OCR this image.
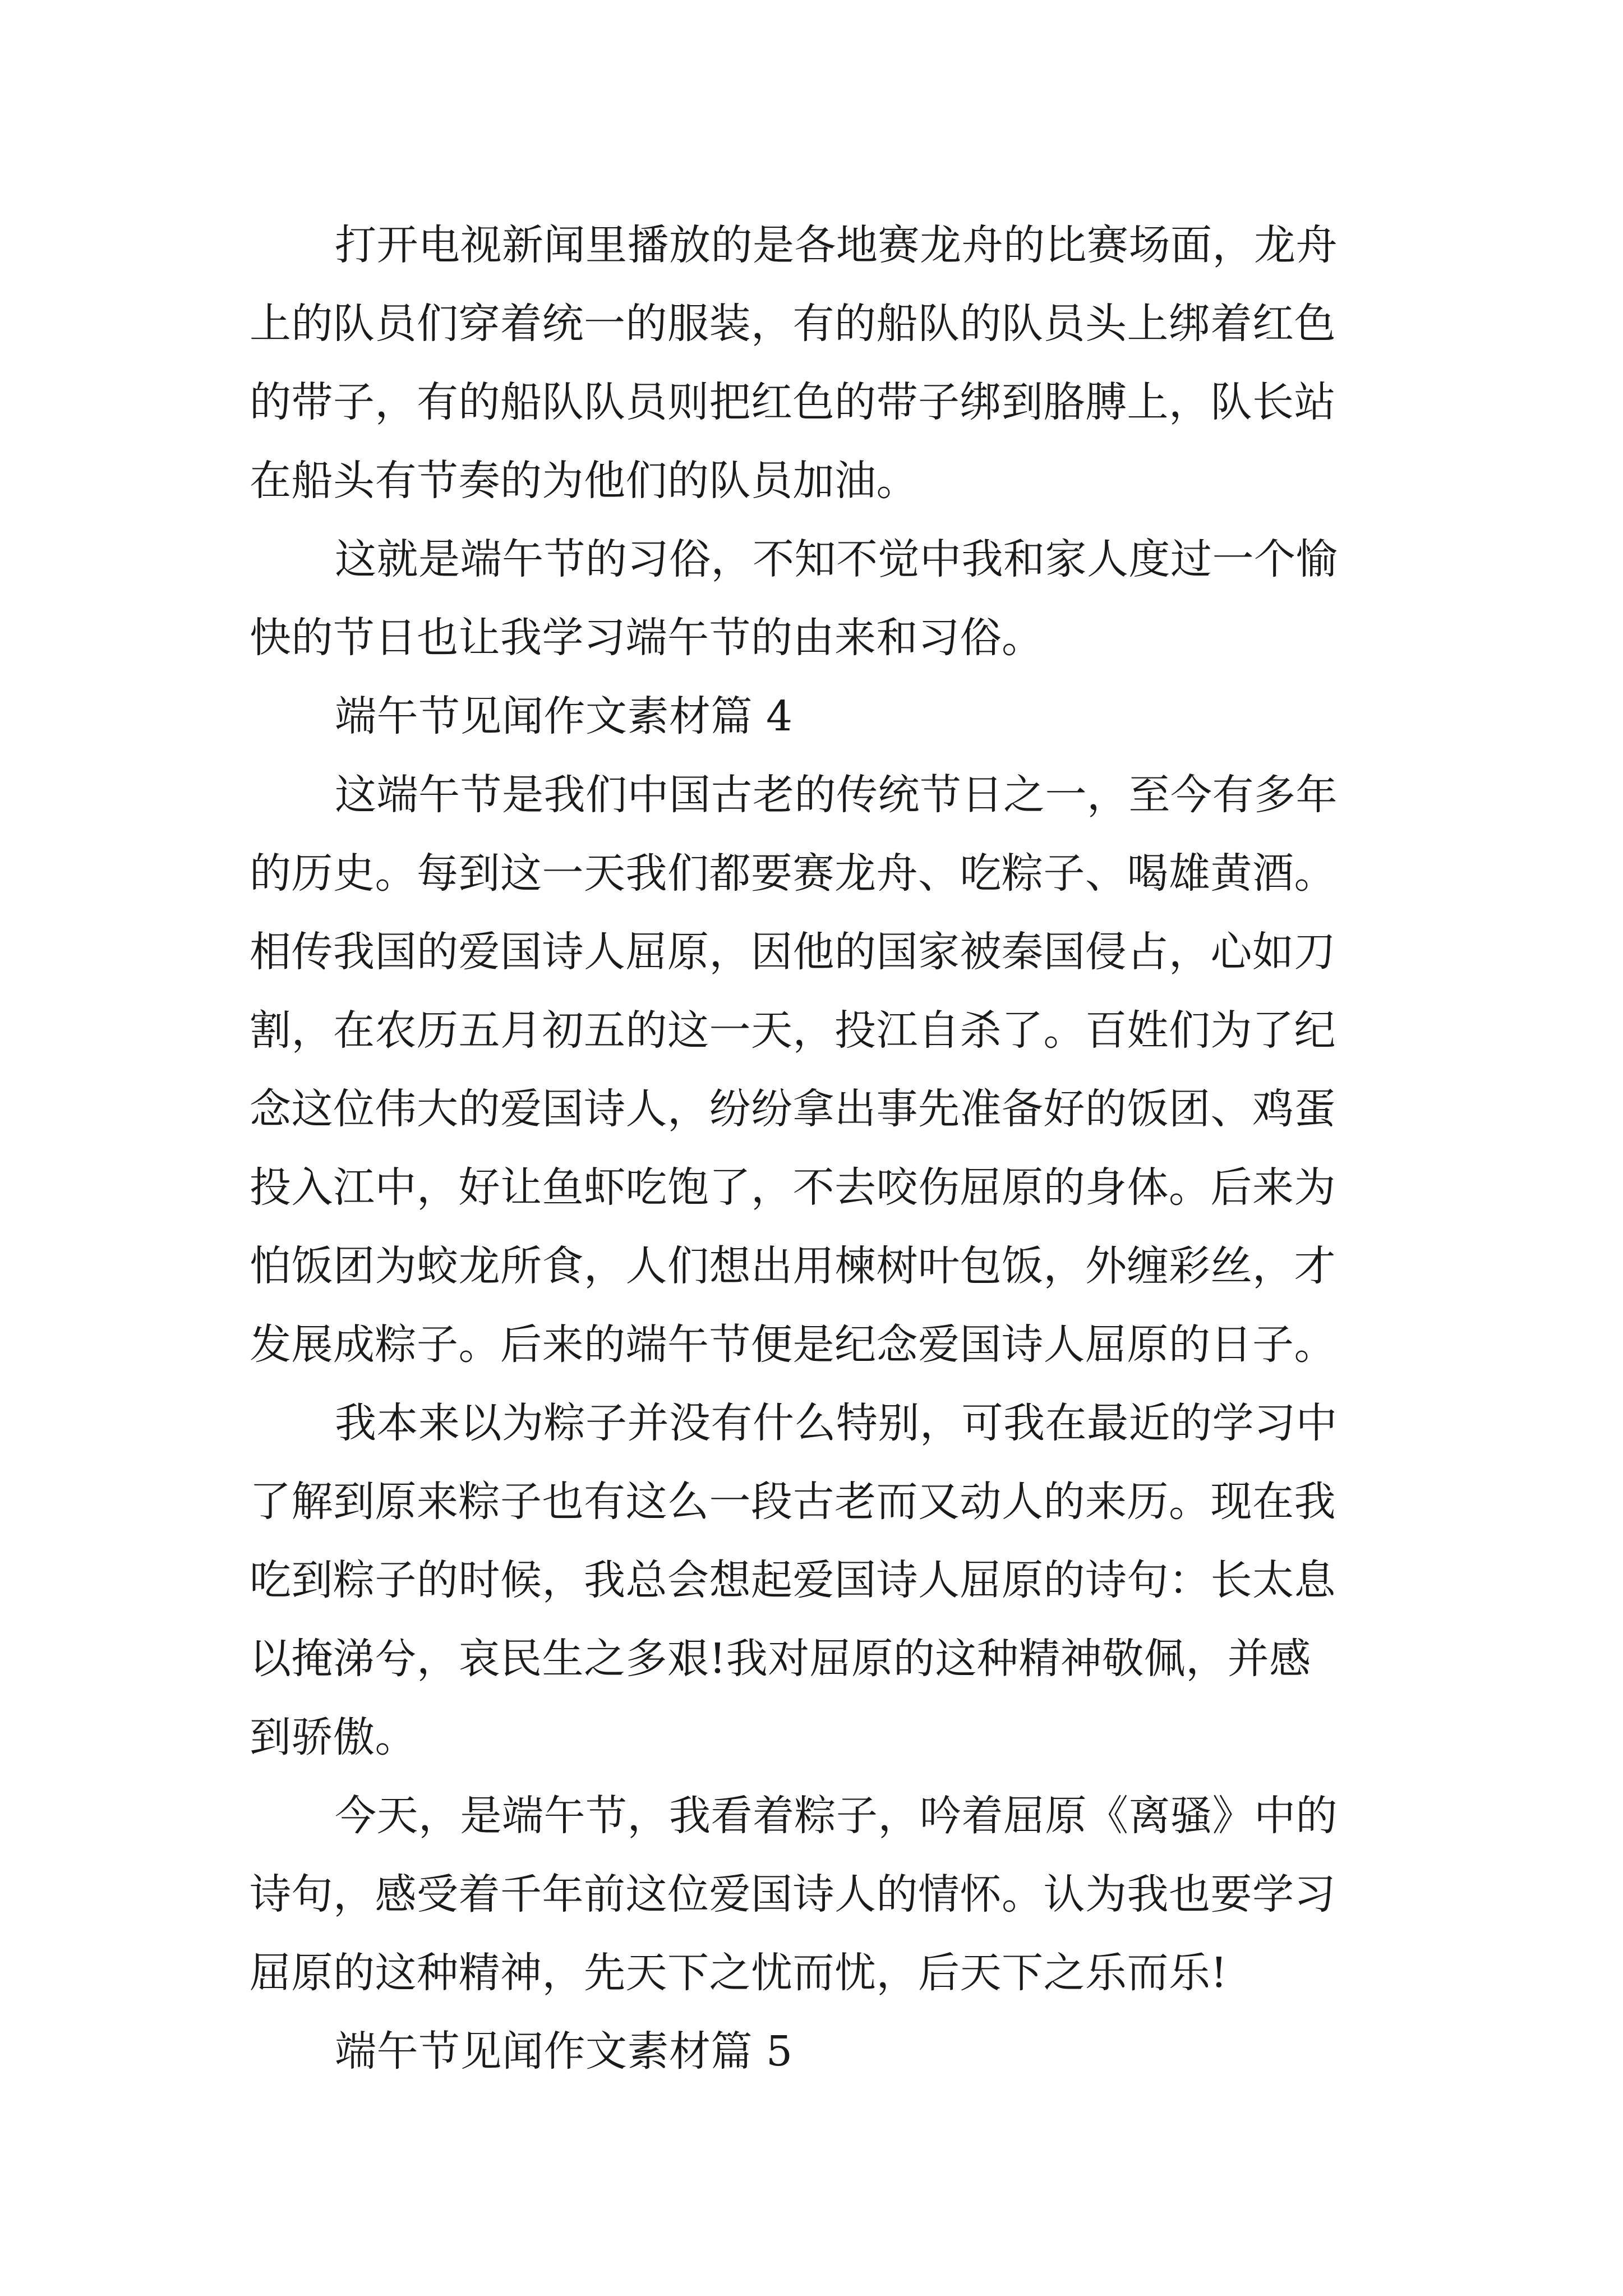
打开电视新闻里播放的是各地赛龙舟的比赛场面，龙舟
上的队员们穿着统一的服装，有的船队的队员头上绑着红色
的带子，有的船队队员则把红色的带子绑到胳膊上，队长站
在船头有节奏的为他们的队员加油。
这就是端午节的习俗，不知不觉中我和家人度过一个愉
快的节日也让我学习端午节的由来和习俗。
端午节见闻作文素材篇 4
这端午节是我们中国古老的传统节日之一，至今有多年
的历史。每到这一天我们都要赛龙舟、吃粽子、喝雄黄酒。
相传我国的爱国诗人屈原，因他的国家被秦国侵占，心如刀
割，在农历五月初五的这一天，投江自杀了。百姓们为了纪
念这位伟大的爱国诗人，纷纷拿出事先准备好的饭团、鸡蛋
投入江中，好让鱼虾吃饱了，不去咬伤屈原的身体。后来为
怕饭团为蛟龙所食，人们想出用楝树叶包饭，外缠彩丝，才
发展成粽子。后来的端午节便是纪念爱国诗人屈原的日子。
我本来以为粽子并没有什么特别，可我在最近的学习中
了解到原来粽子也有这么一段古老而又动人的来历。现在我
吃到粽子的时候，我总会想起爱国诗人屈原的诗句：长太息
以掩涕兮，哀民生之多艰!我对屈原的这种精神敬佩，并感
到骄傲。
今天，是端午节，我看着粽子，吟着屈原《离骚》中的
诗句，感受着千年前这位爱国诗人的情怀。认为我也要学习
屈原的这种精神，先天下之忧而忧，后天下之乐而乐!
端午节见闻作文素材篇 5
